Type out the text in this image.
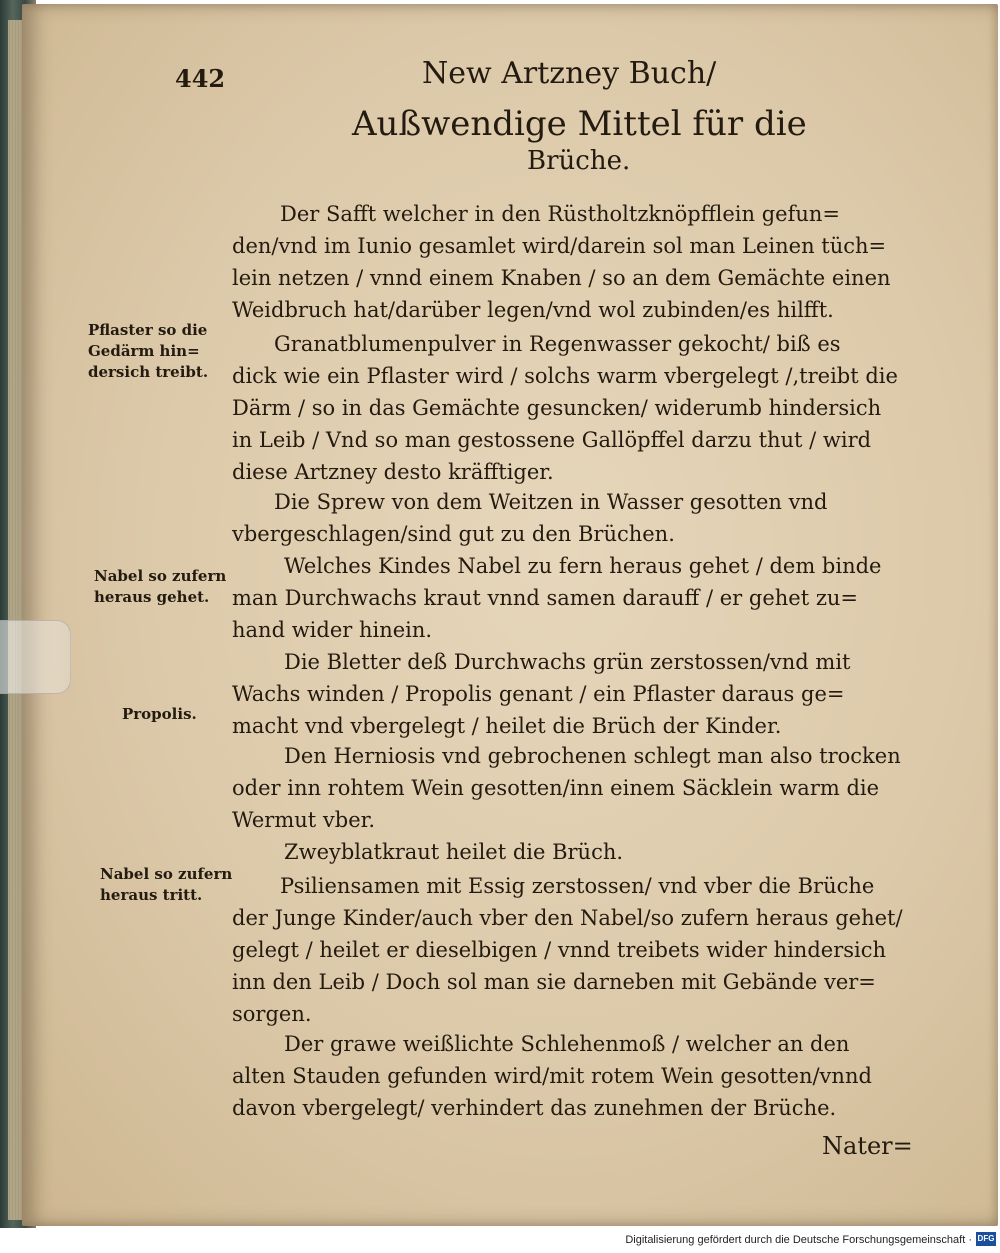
442	New Artzney Buch/
Außwendige Mittel für die
Brüche.
Pflaster so die
Gedärm hin=
dersich treibt.
Nabel so zufern
heraus gehet.
Propolis.
Nabel so zufern
heraus tritt.
Der Safft welcher in den Rüstholtzknöpfflein gefun=
den/vnd im Iunio gesamlet wird/darein sol man Leinen tüch=
lein netzen / vnnd einem Knaben / so an dem Gemächte einen
Weidbruch hat/darüber legen/vnd wol zubinden/es hilfft.
Granatblumenpulver in Regenwasser gekocht/ biß es
dick wie ein Pflaster wird / solchs warm vbergelegt /,treibt die
Därm / so in das Gemächte gesuncken/ widerumb hindersich
in Leib / Vnd so man gestossene Gallöpffel darzu thut / wird
diese Artzney desto kräfftiger.
Die Sprew von dem Weitzen in Wasser gesotten vnd
vbergeschlagen/sind gut zu den Brüchen.
Welches Kindes Nabel zu fern heraus gehet / dem binde
man Durchwachs kraut vnnd samen darauff / er gehet zu=
hand wider hinein.
Die Bletter deß Durchwachs grün zerstossen/vnd mit
Wachs winden / Propolis genant / ein Pflaster daraus ge=
macht vnd vbergelegt / heilet die Brüch der Kinder.
Den Herniosis vnd gebrochenen schlegt man also trocken
oder inn rohtem Wein gesotten/inn einem Säcklein warm die
Wermut vber.
Zweyblatkraut heilet die Brüch.
Psiliensamen mit Essig zerstossen/ vnd vber die Brüche
der Junge Kinder/auch vber den Nabel/so zufern heraus gehet/
gelegt / heilet er dieselbigen / vnnd treibets wider hindersich
inn den Leib / Doch sol man sie darneben mit Gebände ver=
sorgen.
Der grawe weißlichte Schlehenmoß / welcher an den
alten Stauden gefunden wird/mit rotem Wein gesotten/vnnd
davon vbergelegt/ verhindert das zunehmen der Brüche.
Nater=
Digitalisierung gefördert durch die Deutsche Forschungsgemeinschaft · DFG
